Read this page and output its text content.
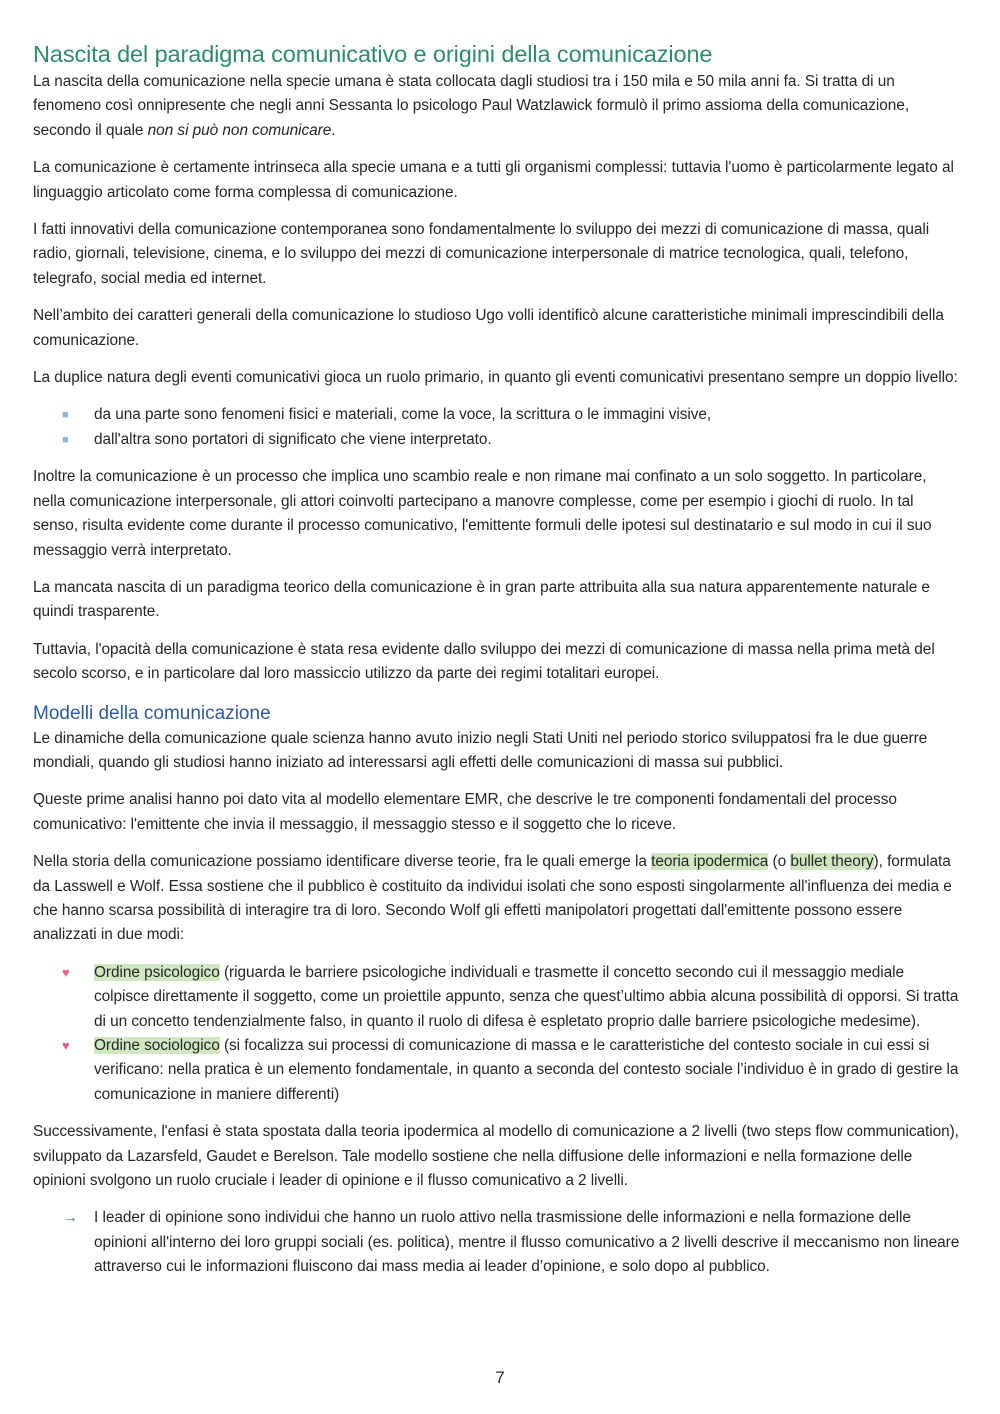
Nascita del paradigma comunicativo e origini della comunicazione

La nascita della comunicazione nella specie umana è stata collocata dagli studiosi tra i 150 mila e 50 mila anni fa. Si tratta di un fenomeno così onnipresente che negli anni Sessanta lo psicologo Paul Watzlawick formulò il primo assioma della comunicazione, secondo il quale non si può non comunicare.

La comunicazione è certamente intrinseca alla specie umana e a tutti gli organismi complessi: tuttavia l'uomo è particolarmente legato al linguaggio articolato come forma complessa di comunicazione.

I fatti innovativi della comunicazione contemporanea sono fondamentalmente lo sviluppo dei mezzi di comunicazione di massa, quali radio, giornali, televisione, cinema, e lo sviluppo dei mezzi di comunicazione interpersonale di matrice tecnologica, quali, telefono, telegrafo, social media ed internet.

Nell’ambito dei caratteri generali della comunicazione lo studioso Ugo volli identificò alcune caratteristiche minimali imprescindibili della comunicazione.

La duplice natura degli eventi comunicativi gioca un ruolo primario, in quanto gli eventi comunicativi presentano sempre un doppio livello:

■	da una parte sono fenomeni fisici e materiali, come la voce, la scrittura o le immagini visive,
■	dall'altra sono portatori di significato che viene interpretato.

Inoltre la comunicazione è un processo che implica uno scambio reale e non rimane mai confinato a un solo soggetto. In particolare, nella comunicazione interpersonale, gli attori coinvolti partecipano a manovre complesse, come per esempio i giochi di ruolo. In tal senso, risulta evidente come durante il processo comunicativo, l'emittente formuli delle ipotesi sul destinatario e sul modo in cui il suo messaggio verrà interpretato.

La mancata nascita di un paradigma teorico della comunicazione è in gran parte attribuita alla sua natura apparentemente naturale e quindi trasparente.

Tuttavia, l'opacità della comunicazione è stata resa evidente dallo sviluppo dei mezzi di comunicazione di massa nella prima metà del secolo scorso, e in particolare dal loro massiccio utilizzo da parte dei regimi totalitari europei.

Modelli della comunicazione

Le dinamiche della comunicazione quale scienza hanno avuto inizio negli Stati Uniti nel periodo storico sviluppatosi fra le due guerre mondiali, quando gli studiosi hanno iniziato ad interessarsi agli effetti delle comunicazioni di massa sui pubblici.

Queste prime analisi hanno poi dato vita al modello elementare EMR, che descrive le tre componenti fondamentali del processo comunicativo: l'emittente che invia il messaggio, il messaggio stesso e il soggetto che lo riceve.

Nella storia della comunicazione possiamo identificare diverse teorie, fra le quali emerge la teoria ipodermica (o bullet theory), formulata da Lasswell e Wolf. Essa sostiene che il pubblico è costituito da individui isolati che sono esposti singolarmente all'influenza dei media e che hanno scarsa possibilità di interagire tra di loro. Secondo Wolf gli effetti manipolatori progettati dall'emittente possono essere analizzati in due modi:

♥	Ordine psicologico (riguarda le barriere psicologiche individuali e trasmette il concetto secondo cui il messaggio mediale colpisce direttamente il soggetto, come un proiettile appunto, senza che quest’ultimo abbia alcuna possibilità di opporsi. Si tratta di un concetto tendenzialmente falso, in quanto il ruolo di difesa è espletato proprio dalle barriere psicologiche medesime).
♥	Ordine sociologico (si focalizza sui processi di comunicazione di massa e le caratteristiche del contesto sociale in cui essi si verificano: nella pratica è un elemento fondamentale, in quanto a seconda del contesto sociale l’individuo è in grado di gestire la comunicazione in maniere differenti)

Successivamente, l'enfasi è stata spostata dalla teoria ipodermica al modello di comunicazione a 2 livelli (two steps flow communication), sviluppato da Lazarsfeld, Gaudet e Berelson. Tale modello sostiene che nella diffusione delle informazioni e nella formazione delle opinioni svolgono un ruolo cruciale i leader di opinione e il flusso comunicativo a 2 livelli.

→ I leader di opinione sono individui che hanno un ruolo attivo nella trasmissione delle informazioni e nella formazione delle opinioni all'interno dei loro gruppi sociali (es. politica), mentre il flusso comunicativo a 2 livelli descrive il meccanismo non lineare attraverso cui le informazioni fluiscono dai mass media ai leader d’opinione, e solo dopo al pubblico.
7
